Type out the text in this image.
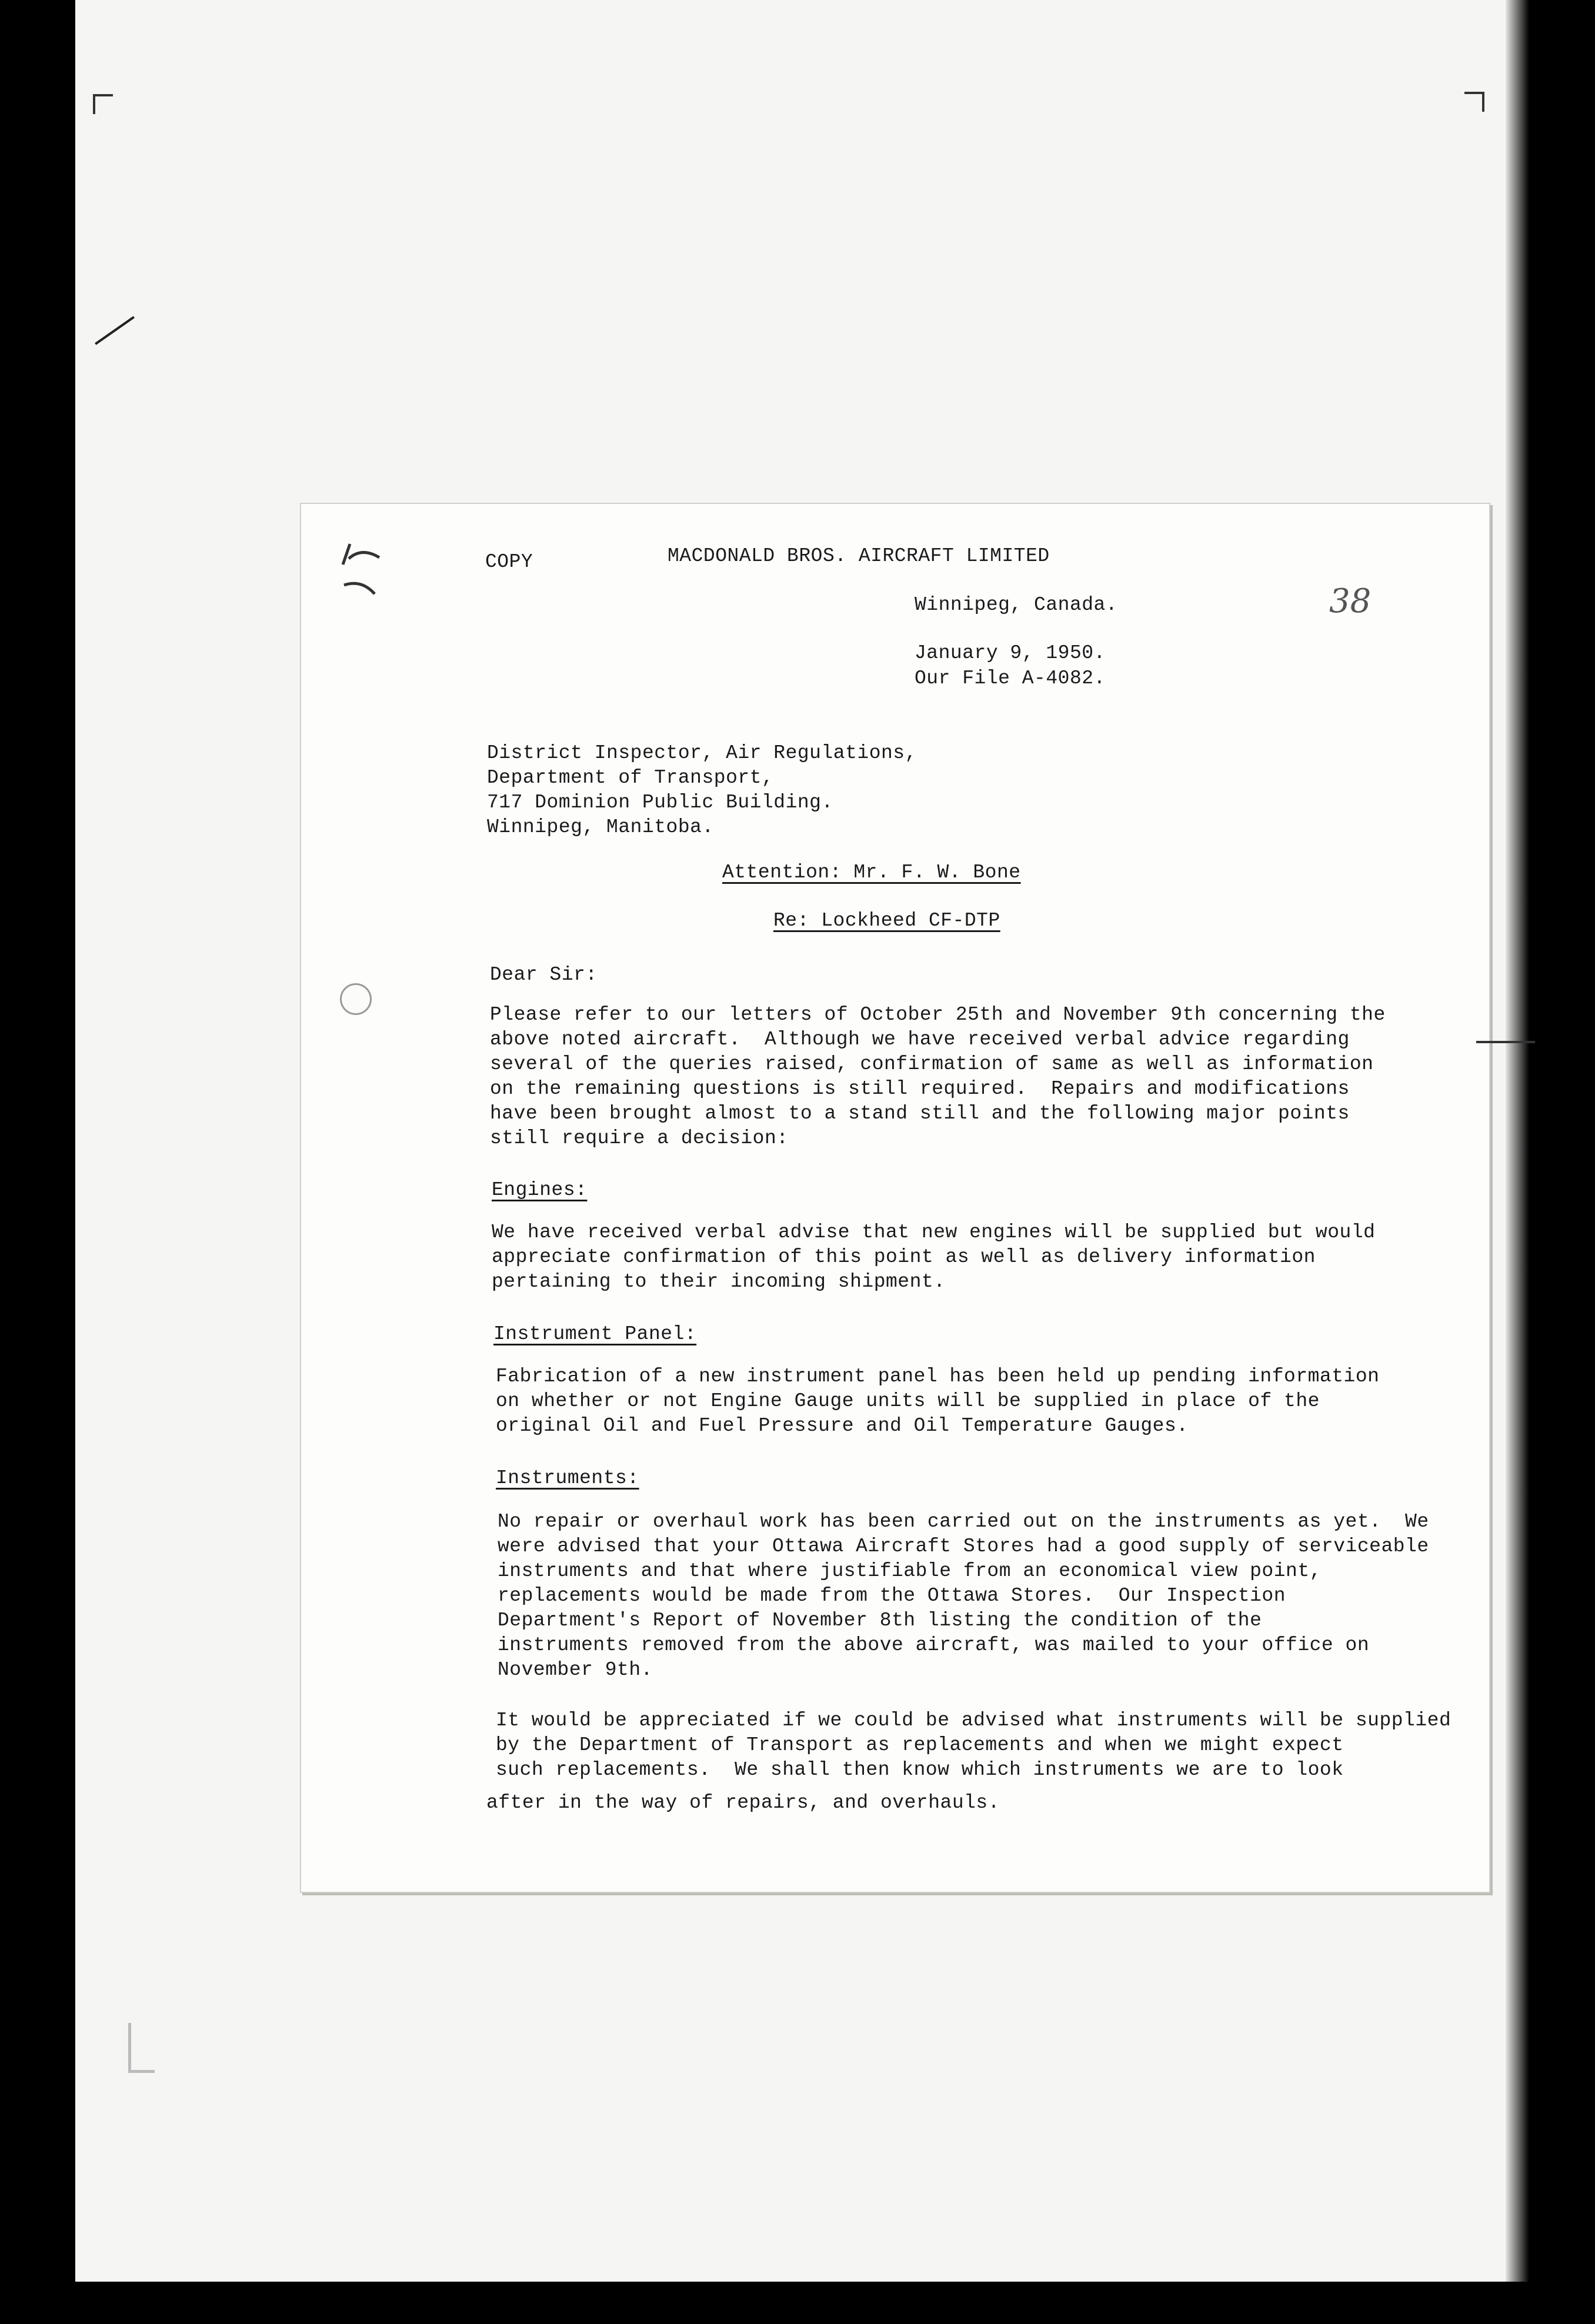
COPY	MACDONALD BROS. AIRCRAFT LIMITED
Winnipeg, Canada.	38
January 9, 1950.
Our File A-4082.
District Inspector, Air Regulations,
Department of Transport,
717 Dominion Public Building.
Winnipeg, Manitoba.
Attention: Mr. F. W. Bone
Re: Lockheed CF-DTP
Dear Sir:
Please refer to our letters of October 25th and November 9th concerning the
above noted aircraft.  Although we have received verbal advice regarding
several of the queries raised, confirmation of same as well as information
on the remaining questions is still required.  Repairs and modifications
have been brought almost to a stand still and the following major points
still require a decision:
Engines:
We have received verbal advise that new engines will be supplied but would
appreciate confirmation of this point as well as delivery information
pertaining to their incoming shipment.
Instrument Panel:
Fabrication of a new instrument panel has been held up pending information
on whether or not Engine Gauge units will be supplied in place of the
original Oil and Fuel Pressure and Oil Temperature Gauges.
Instruments:
No repair or overhaul work has been carried out on the instruments as yet.  We
were advised that your Ottawa Aircraft Stores had a good supply of serviceable
instruments and that where justifiable from an economical view point,
replacements would be made from the Ottawa Stores.  Our Inspection
Department's Report of November 8th listing the condition of the
instruments removed from the above aircraft, was mailed to your office on
November 9th.
It would be appreciated if we could be advised what instruments will be supplied
by the Department of Transport as replacements and when we might expect
such replacements.  We shall then know which instruments we are to look
after in the way of repairs, and overhauls.
